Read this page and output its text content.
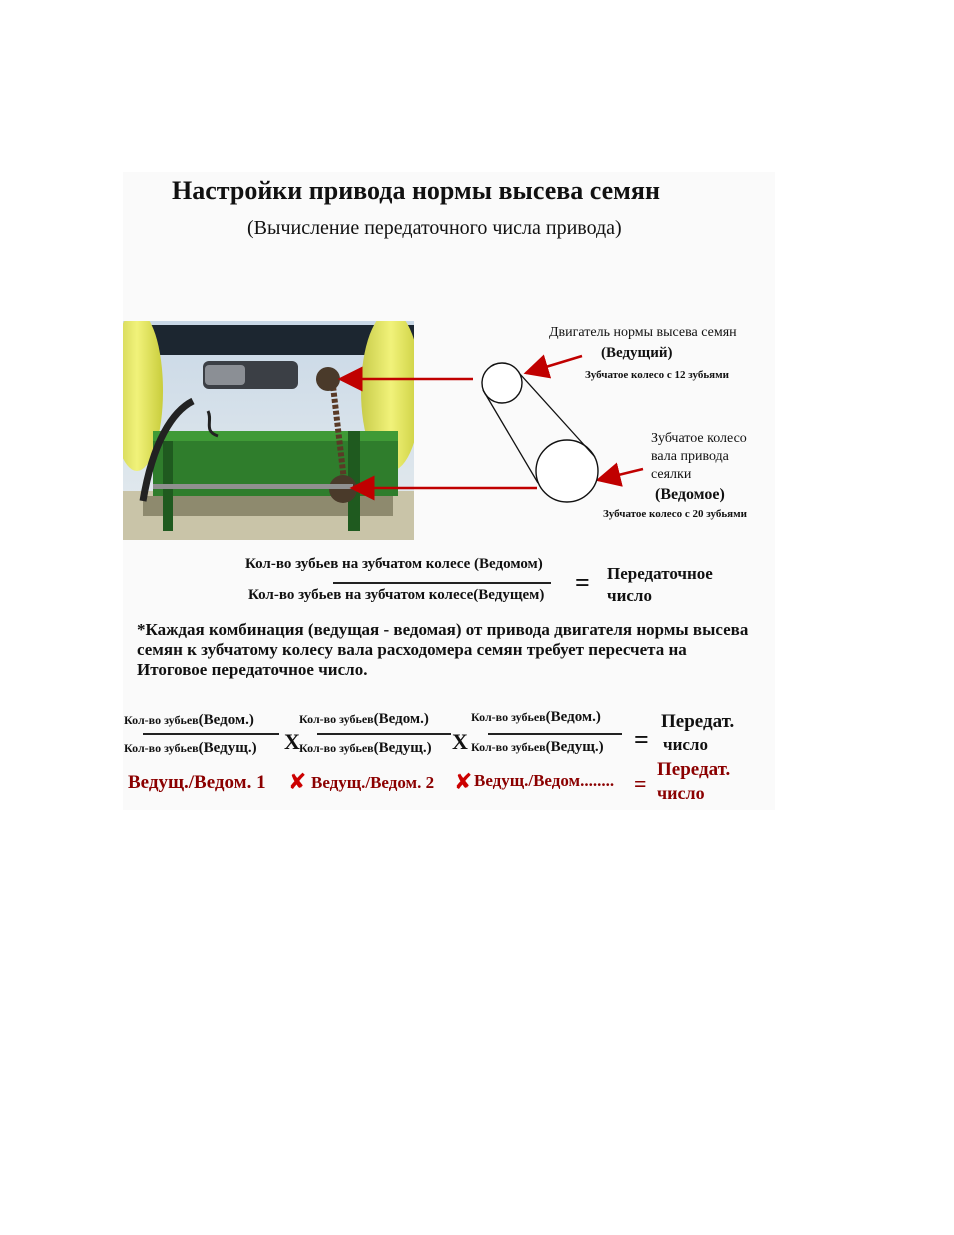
Настройки привода нормы высева семян
(Вычисление передаточного числа привода)
Двигатель нормы высева семян
(Ведущий)
Зубчатое колесо с 12 зубьями
Зубчатое колесо
вала привода
сеялки
(Ведомое)
Зубчатое колесо с 20 зубьями
Кол-во зубьев на зубчатом колесе (Ведомом)
Кол-во зубьев на зубчатом колесе(Ведущем) = Передаточное
число
*Каждая комбинация (ведущая - ведомая) от привода двигателя нормы высева семян к зубчатому колесу вала расходомера семян требует пересчета на Итоговое передаточное число.
Кол-во зубьев(Ведом.)
Кол-во зубьев(Ведущ.) X
Кол-во зубьев(Ведом.)
Кол-во зубьев(Ведущ.) X
Кол-во зубьев(Ведом.)
Кол-во зубьев(Ведущ.) =
Передат.
число
Ведущ./Ведом. 1 ✘ Ведущ./Ведом. 2 ✘ Ведущ./Ведом........ =
Передат.
число
